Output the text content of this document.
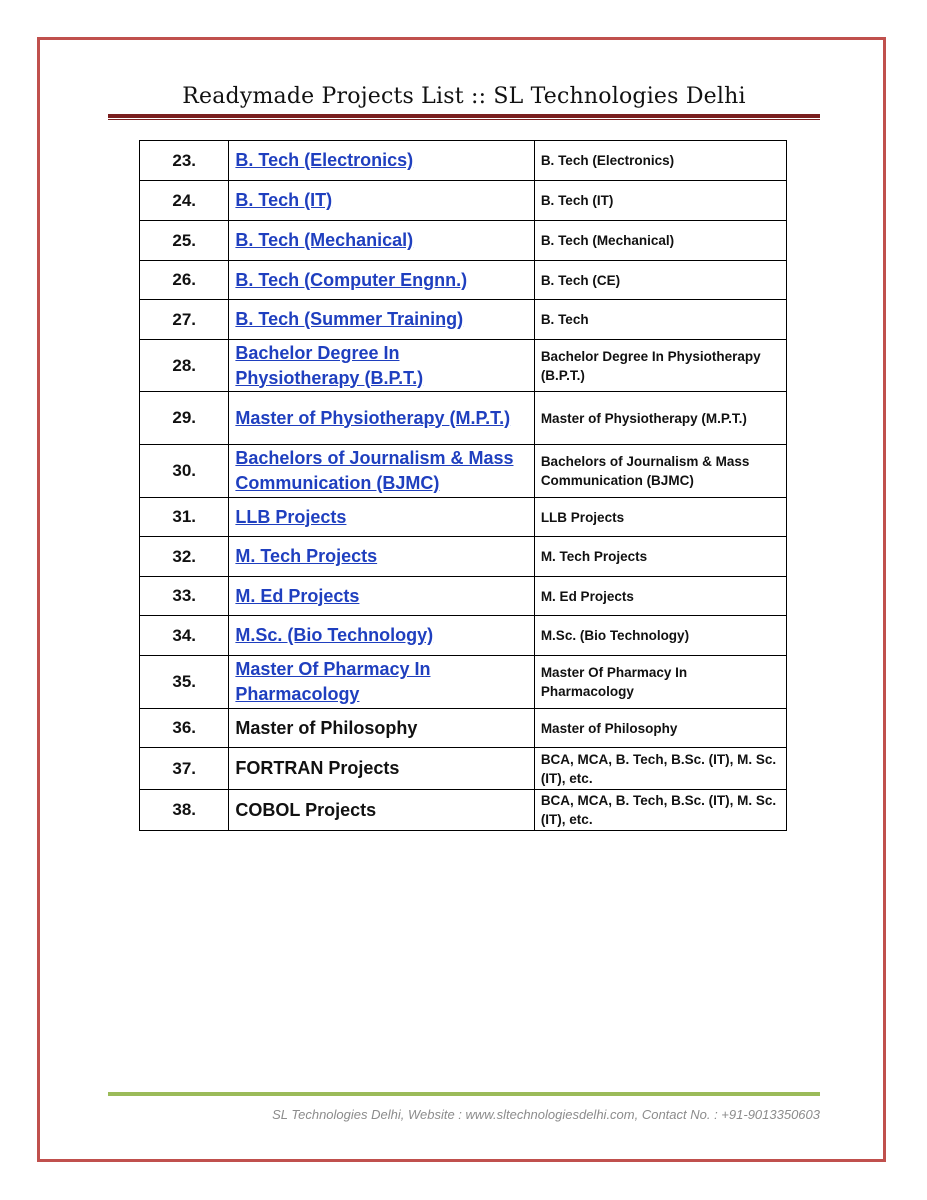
Readymade Projects List :: SL Technologies Delhi
23.	B. Tech (Electronics)	B. Tech (Electronics)
24.	B. Tech (IT)	B. Tech (IT)
25.	B. Tech (Mechanical)	B. Tech (Mechanical)
26.	B. Tech (Computer Engnn.)	B. Tech (CE)
27.	B. Tech (Summer Training)	B. Tech
28.	Bachelor Degree In Physiotherapy (B.P.T.)	Bachelor Degree In Physiotherapy (B.P.T.)
29.	Master of Physiotherapy (M.P.T.)	Master of Physiotherapy (M.P.T.)
30.	Bachelors of Journalism & Mass Communication (BJMC)	Bachelors of Journalism & Mass Communication (BJMC)
31.	LLB Projects	LLB Projects
32.	M. Tech Projects	M. Tech Projects
33.	M. Ed Projects	M. Ed Projects
34.	M.Sc. (Bio Technology)	M.Sc. (Bio Technology)
35.	Master Of Pharmacy In Pharmacology	Master Of Pharmacy In Pharmacology
36.	Master of Philosophy	Master of Philosophy
37.	FORTRAN Projects	BCA, MCA, B. Tech, B.Sc. (IT), M. Sc. (IT), etc.
38.	COBOL Projects	BCA, MCA, B. Tech, B.Sc. (IT), M. Sc. (IT), etc.
SL Technologies Delhi, Website : www.sltechnologiesdelhi.com, Contact No. : +91-9013350603
